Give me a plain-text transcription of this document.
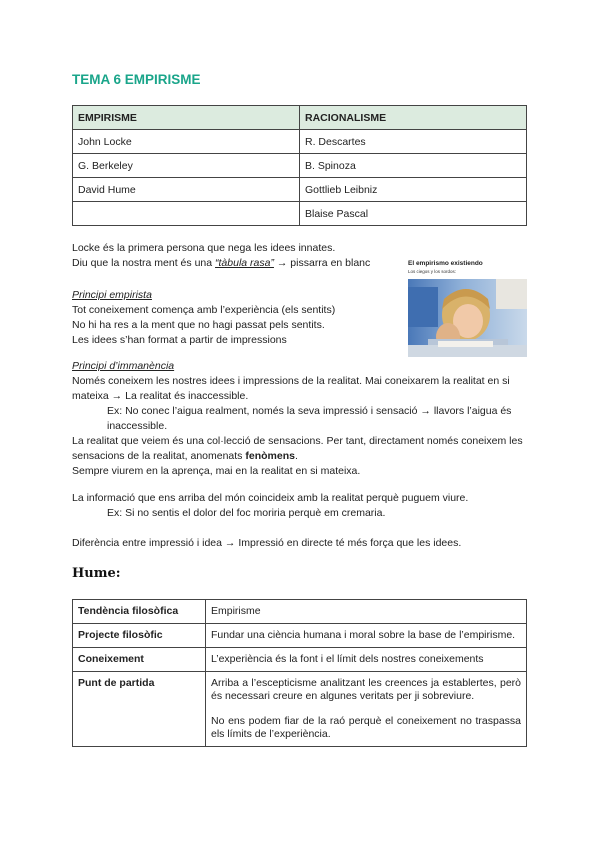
TEMA 6 EMPIRISME
EMPIRISME	RACIONALISME
John Locke	R. Descartes
G. Berkeley	B. Spinoza
David Hume	Gottlieb Leibniz
	Blaise Pascal
Locke és la primera persona que nega les idees innates.
Diu que la nostra ment és una “tàbula rasa” → pissarra en blanc	El empirismo existiendo
Los ciegos y los sordos:
Principi empirista
Tot coneixement comença amb l’experiència (els sentits)
No hi ha res a la ment que no hagi passat pels sentits.
Les idees s’han format a partir de impressions
Principi d’immanència
Només coneixem les nostres idees i impressions de la realitat. Mai coneixarem la realitat en si mateixa → La realitat és inaccessible.
Ex: No conec l’aigua realment, només la seva impressió i sensació → llavors l’aigua és inaccessible.
La realitat que veiem és una col·lecció de sensacions. Per tant, directament només coneixem les sensacions de la realitat, anomenats fenòmens.
Sempre viurem en la aprença, mai en la realitat en si mateixa.
La informació que ens arriba del món coincideix amb la realitat perquè puguem viure.
Ex: Si no sentis el dolor del foc moriria perquè em cremaria.
Diferència entre impressió i idea → Impressió en directe té més força que les idees.
Hume:
Tendència filosòfica	Empirisme
Projecte filosòfic	Fundar una ciència humana i moral sobre la base de l’empirisme.
Coneixement	L’experiència és la font i el límit dels nostres coneixements
Punt de partida	Arriba a l’escepticisme analitzant les creences ja establertes, però és necessari creure en algunes veritats per ji sobreviure.

No ens podem fiar de la raó perquè el coneixement no traspassa els límits de l’experiència.
